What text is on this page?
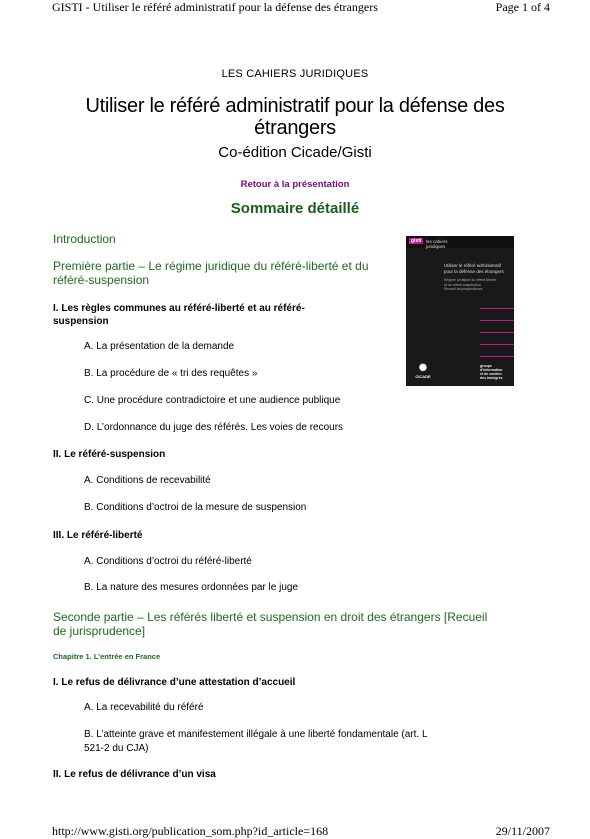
GISTI - Utiliser le référé administratif pour la défense des étrangers	Page 1 of 4
http://www.gisti.org/publication_som.php?id_article=168	29/11/2007
LES CAHIERS JURIDIQUES
Utiliser le référé administratif pour la défense des
étrangers
Co-édition Cicade/Gisti
Retour à la présentation
Sommaire détaillé
gisti	les cahiers
juridiques
Utiliser le référé administratif
pour la défense des étrangers
Régime juridique du référé-liberté
et du référé-suspension
Recueil de jurisprudence
✺
CICADE
groupe
d’information
et de soutien
des immigrés
Introduction
Première partie – Le régime juridique du référé-liberté et du
référé-suspension
I. Les règles communes au référé-liberté et au référé-
suspension
A. La présentation de la demande
B. La procédure de « tri des requêtes »
C. Une procédure contradictoire et une audience publique
D. L’ordonnance du juge des référés. Les voies de recours
II. Le référé-suspension
A. Conditions de recevabilité
B. Conditions d’octroi de la mesure de suspension
III. Le référé-liberté
A. Conditions d’octroi du référé-liberté
B. La nature des mesures ordonnées par le juge
Seconde partie – Les référés liberté et suspension en droit des étrangers [Recueil
de jurisprudence]
Chapitre 1. L’entrée en France
I. Le refus de délivrance d’une attestation d’accueil
A. La recevabilité du référé
B. L’atteinte grave et manifestement illégale à une liberté fondamentale (art. L
521-2 du CJA)
II. Le refus de délivrance d’un visa
